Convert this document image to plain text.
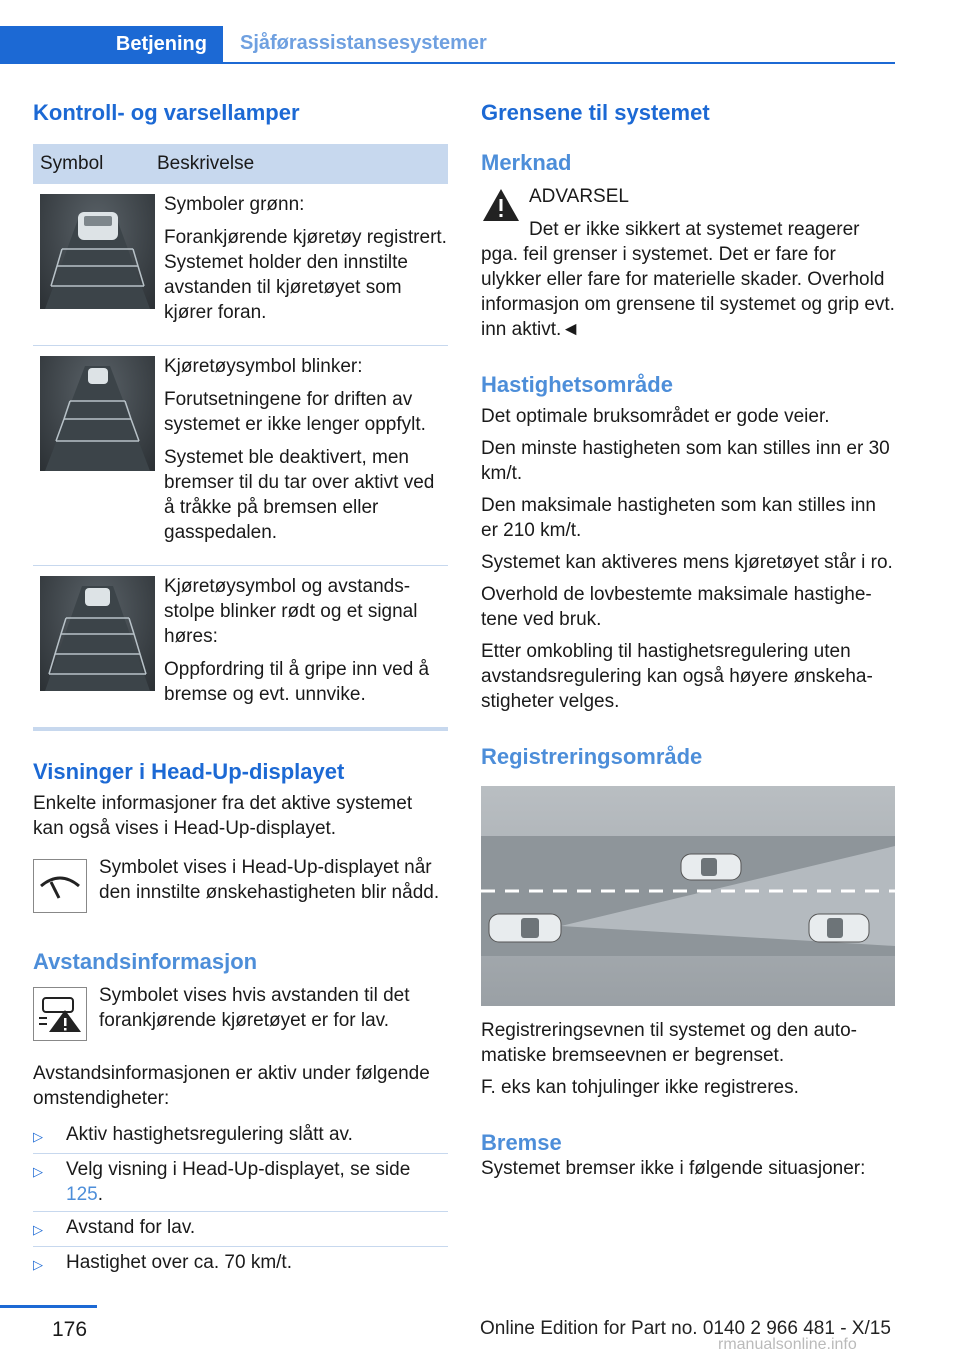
Betjening	Sjåførassistansesystemer
Kontroll- og varsellamper
Symbol	Beskrivelse

Symboler grønn:

Forankjørende kjøretøy registrert. Systemet holder den innstilte avstanden til kjøretøyet som kjører foran.

Kjøretøysymbol blinker:

Forutsetningene for driften av systemet er ikke lenger oppfylt.

Systemet ble deaktivert, men bremser til du tar over aktivt ved å tråkke på bremsen eller gasspedalen.

Kjøretøysymbol og avstandsstolpe blinker rødt og et signal høres:

Oppfordring til å gripe inn ved å bremse og evt. unnvike.

Visninger i Head-Up-displayet

Enkelte informasjoner fra det aktive systemet kan også vises i Head-Up-displayet.

Symbolet vises i Head-Up-displayet når den innstilte ønskehastigheten blir nådd.

Avstandsinformasjon

Symbolet vises hvis avstanden til det forankjørende kjøretøyet er for lav.

Avstandsinformasjonen er aktiv under følgende omstendigheter:

▷	Aktiv hastighetsregulering slått av.
▷	Velg visning i Head-Up-displayet, se side 125.
▷	Avstand for lav.
▷	Hastighet over ca. 70 km/t.
Grensene til systemet
Merknad

ADVARSEL

Det er ikke sikkert at systemet reagerer

pga. feil grenser i systemet. Det er fare for ulykker eller fare for materielle skader. Overhold informasjon om grensene til systemet og grip evt. inn aktivt.◄

Hastighetsområde

Det optimale bruksområdet er gode veier.

Den minste hastigheten som kan stilles inn er 30 km/t.

Den maksimale hastigheten som kan stilles inn er 210 km/t.

Systemet kan aktiveres mens kjøretøyet står i ro.

Overhold de lovbestemte maksimale hastighetene ved bruk.

Etter omkobling til hastighetsregulering uten avstandsregulering kan også høyere ønskehastigheter velges.

Registreringsområde

Registreringsevnen til systemet og den automatiske bremseevnen er begrenset.

F. eks kan tohjulinger ikke registreres.

Bremse

Systemet bremser ikke i følgende situasjoner:

176	Online Edition for Part no. 0140 2 966 481 - X/15
rmanualsonline.info
